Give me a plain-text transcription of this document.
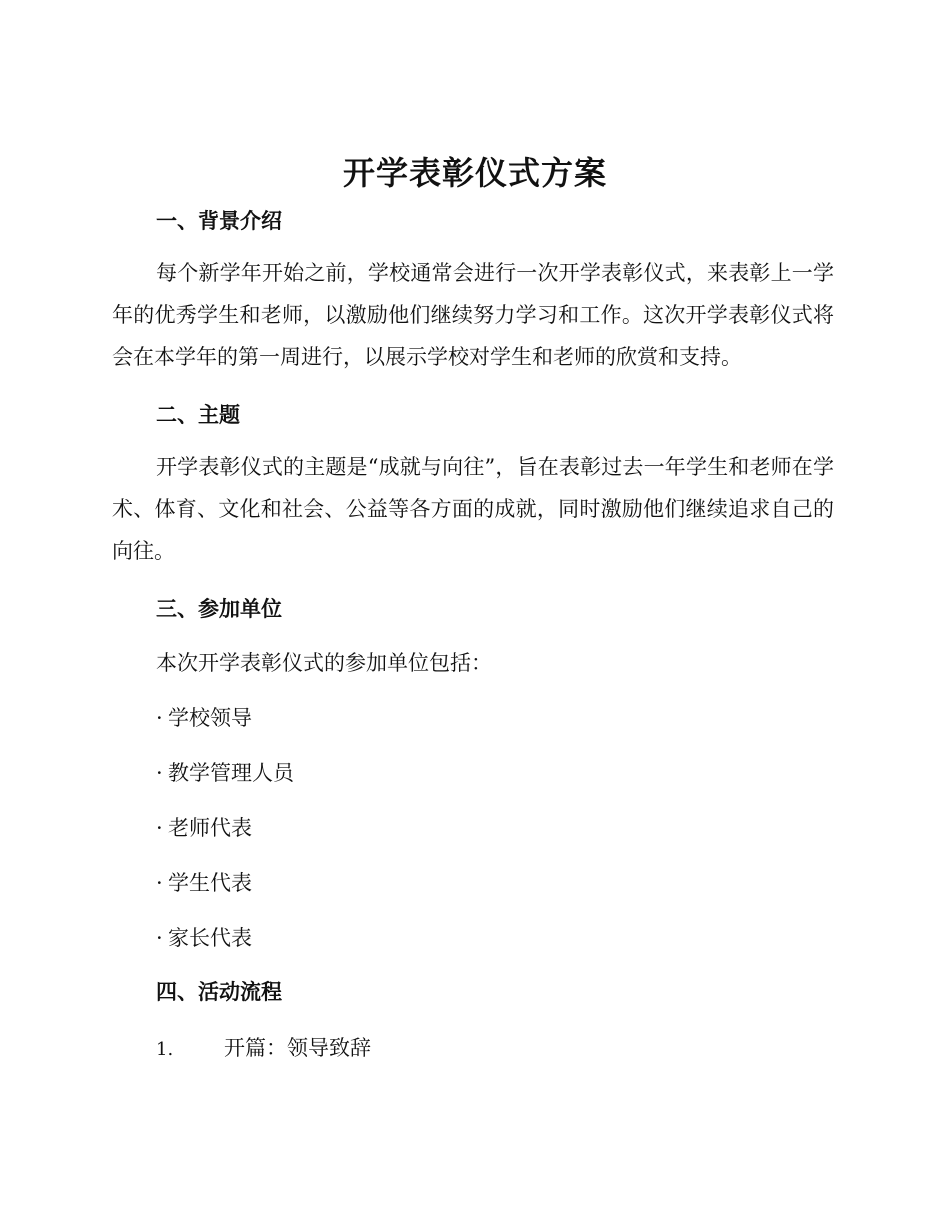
开学表彰仪式方案
一、背景介绍
每个新学年开始之前，学校通常会进行一次开学表彰仪式，来表彰上一学年的优秀学生和老师，以激励他们继续努力学习和工作。这次开学表彰仪式将会在本学年的第一周进行，以展示学校对学生和老师的欣赏和支持。
二、主题
开学表彰仪式的主题是“成就与向往”，旨在表彰过去一年学生和老师在学术、体育、文化和社会、公益等各方面的成就，同时激励他们继续追求自己的向往。
三、参加单位
本次开学表彰仪式的参加单位包括：
· 学校领导
· 教学管理人员
· 老师代表
· 学生代表
· 家长代表
四、活动流程
1. 开篇：领导致辞
